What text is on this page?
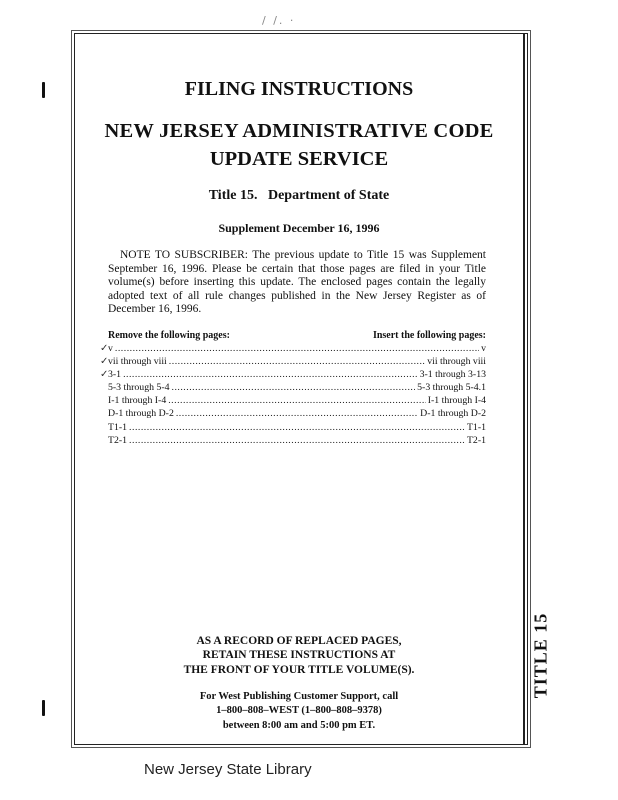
/ /. ·
TITLE 15
FILING INSTRUCTIONS
NEW JERSEY ADMINISTRATIVE CODE
UPDATE SERVICE
Title 15.   Department of State
Supplement December 16, 1996
NOTE TO SUBSCRIBER: The previous update to Title 15 was Supplement
September 16, 1996. Please be certain that those pages are filed in your Title
volume(s) before inserting this update. The enclosed pages contain the legally
adopted text of all rule changes published in the New Jersey Register as of
December 16, 1996.
Remove the following pages:	Insert the following pages:
✓ v .....	v
✓ vii through viii .....	vii through viii
✓ 3-1 .....	3-1 through 3-13
5-3 through 5-4 .....	5-3 through 5-4.1
I-1 through I-4 .....	I-1 through I-4
D-1 through D-2 .....	D-1 through D-2
T1-1 .....	T1-1
T2-1 .....	T2-1
AS A RECORD OF REPLACED PAGES,
RETAIN THESE INSTRUCTIONS AT
THE FRONT OF YOUR TITLE VOLUME(S).
For West Publishing Customer Support, call
1–800–808–WEST (1–800–808–9378)
between 8:00 am and 5:00 pm ET.
New Jersey State Library
